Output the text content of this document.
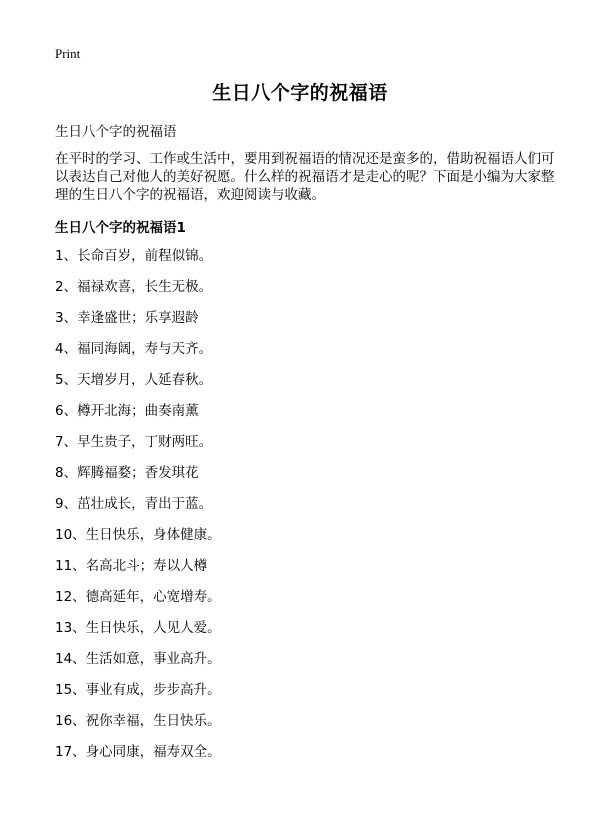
Print
生日八个字的祝福语
生日八个字的祝福语
在平时的学习、工作或生活中，要用到祝福语的情况还是蛮多的，借助祝福语人们可以表达自己对他人的美好祝愿。什么样的祝福语才是走心的呢？下面是小编为大家整理的生日八个字的祝福语，欢迎阅读与收藏。
生日八个字的祝福语1
1、长命百岁，前程似锦。
2、福禄欢喜，长生无极。
3、幸逢盛世；乐享遐龄
4、福同海阔，寿与天齐。
5、天增岁月，人延春秋。
6、樽开北海；曲奏南薰
7、早生贵子，丁财两旺。
8、辉腾福婺；香发琪花
9、茁壮成长，青出于蓝。
10、生日快乐，身体健康。
11、名高北斗；寿以人樽
12、德高延年，心宽增寿。
13、生日快乐，人见人爱。
14、生活如意，事业高升。
15、事业有成，步步高升。
16、祝你幸福，生日快乐。
17、身心同康，福寿双全。
